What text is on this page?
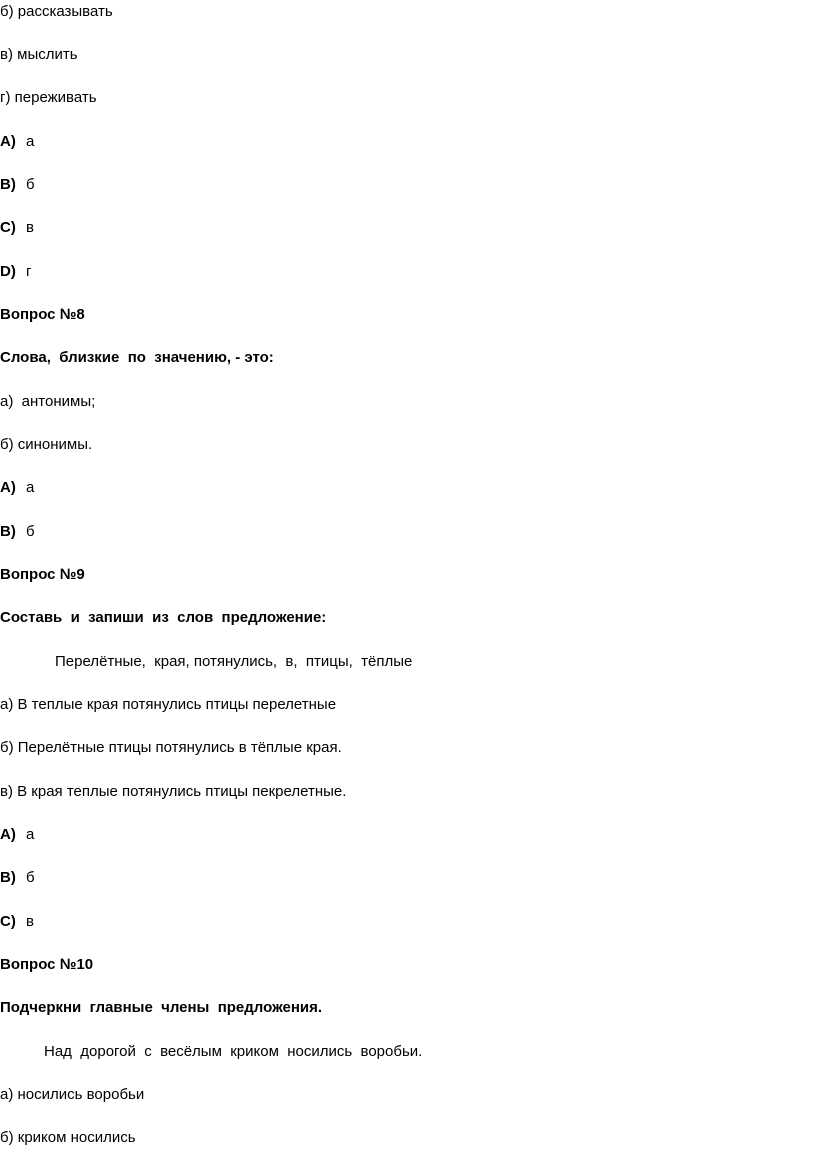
б) рассказывать
в) мыслить
г) переживать
A) а
B) б
C) в
D) г
Вопрос №8
Слова,  близкие  по  значению, - это:
а)  антонимы;
б) синонимы.
A) а
B) б
Вопрос №9
Составь  и  запиши  из  слов  предложение:
Перелётные,  края, потянулись,  в,  птицы,  тёплые
а) В теплые края потянулись птицы перелетные
б) Перелётные птицы потянулись в тёплые края.
в) В края теплые потянулись птицы пекрелетные.
A) а
B) б
C) в
Вопрос №10
Подчеркни  главные  члены  предложения.
Над  дорогой  с  весёлым  криком  носились  воробьи.
а) носились воробьи
б) криком носились
